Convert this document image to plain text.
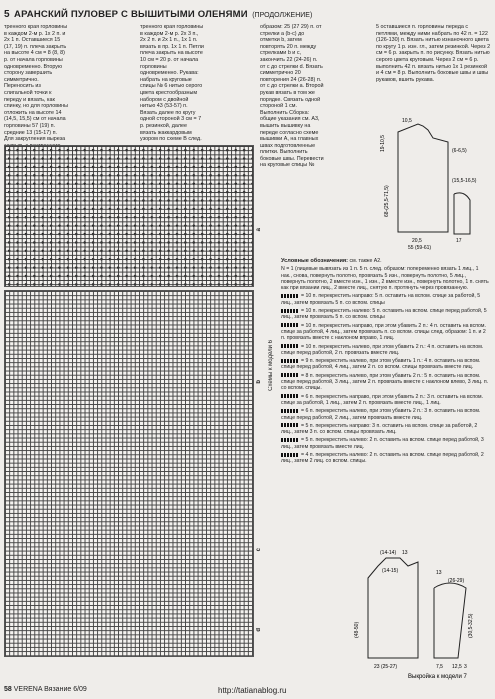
5 АРАНСКИЙ ПУЛОВЕР С ВЫШИТЫМИ ОЛЕНЯМИ (ПРОДОЛЖЕНИЕ)
тренного края горловины в каждом 2-м р. 1х 2 п. и 2х 1 п. Оставшиеся 15 (17, 19) п. плеча закрыть на высоте 4 см = 8 (8, 8) р. от начала горловины одновременно. Вторую сторону завершить симметрично. Переносить из слигальной точки к переду и вязать, как спинку, но для горловины отложить на высоте 14 (14,5, 15,5) см от начала горловины 57 (19) п. средние 13 (15-17) п. Для закругления выреза
тренного края горловины в каждом 2-м р. 2х 3 п., 2х 2 п. и 2х 1 п., 1х 1 п. вязать в пр. 1х 1 п. Петли плеча закрыть на высоте 10 см = 20 р. от начала горловины одновременно. Рукава: набрать на круговые спицы № 6 нитью серого цвета крестообразным набором с двойной нитью 43 (53-57) п. Вязать далее по кругу одной стороной 3 см = 7 р. резинкой, далее вязать жаккардовым узором по схеме В след.
образом: 25 (27 29) п. от стрелки а (b-c) до отметки b, затем повторять 20 п. между стрелками b и c, закончить 22 (24-26) п. от с до стрелки d. Вязать симметрично 20 повторения 24 (26-28) п. от с до стрелки а. Второй рукав вязать в том же порядке. Связать одной стороной 1 см. Выполнить Сборка: общие указания см. А3, вышить вышивку на переде согласно схеме вышивки А, на главных швах подготовленные плитки. Выполнить боковые швы. Перевести на круговые спицы №
5 оставшиеся п. горловины переда с петлями, между ними набрать по 42 п. = 122 (126-130) п. Вязать нитью изнаночного цвета по кругу 1 р. изн. гл., затем резинкой. Через 2 см = 6 р. закрыть п. по рисунку. Вязать нитью серого цвета круговым. Через 2 см = 6 р. выполнить 42 п. вязать нитью 1х 1 резинкой и 4 см = 8 р. Выполнить боковые швы и швы рукавов, вшить рукава.
a
b
c
d
Схемы к модели 6
10,5
19-10,5
68-(25,5-71,5)
20,5
55 (59-61)
(6-6,5)
(15,5-16,5)
17
Условные обозначения: см. также А2.
N = 1 (лицевые вывязать из 1 п. 5 п. след. образом: попеременно вязать 1 лиц., 1 нак., снова, повернуть полотно, провязать 5 изн., повернуть полотно, 5 лиц., повернуть полотно, 2 вместе изн., 1 изн., 2 вместе изн., повернуть полотно, 1 п. снять как при вязании лиц., 2 вместе лиц., снятую п. протянуть через провязанную.
= 10 п. перекрестить направо: 5 п. оставить на вспом. спице за работой, 5 лиц., затем провязать 5 п. со вспом. спицы
= 10 п. перекрестить налево: 5 п. оставить на вспом. спице перед работой, 5 лиц., затем провязать 5 п. со вспом. спицы
= 10 п. перекрестить направо, при этом убавить 2 п.: 4 п. оставить на вспом. спице за работой, 4 лиц., затем провязать п. со вспом. спицы след. образом: 1 п. и 2 п. провязать вместе с наклоном вправо, 1 лиц.
= 10 п. перекрестить налево, при этом убавить 2 п.: 4 п. оставить на вспом. спице перед работой, 2 п. провязать вместе лиц.
= 9 п. перекрестить налево, при этом убавить 1 п.: 4 п. оставить на вспом. спице перед работой, 4 лиц., затем 2 п. со вспом. спицы провязать вместе лиц.
= 8 п. перекрестить налево, при этом убавить 2 п.: 5 п. оставить на вспом. спице перед работой, 3 лиц., затем 2 п. провязать вместе с наклоном влево, 3 лиц. п. со вспом. спицы.
= 6 п. перекрестить направо, при этом убавить 2 п.: 3 п. оставить на вспом. спице за работой, 1 лиц., затем 2 п. провязать вместе лиц., 1 лиц.
= 6 п. перекрестить налево, при этом убавить 2 п.: 3 п. оставить на вспом. спице перед работой, 2 лиц., затем провязать вместе лиц.
= 5 п. перекрестить направо: 3 п. оставить на вспом. спице за работой, 2 лиц., затем 3 п. со вспом. спицы провязать лиц.
= 5 п. перекрестить налево: 2 п. оставить на вспом. спице перед работой, 3 лиц., затем провязать вместе лиц.
= 4 п. перекрестить налево: 2 п. оставить на вспом. спице перед работой, 2 лиц., затем 2 лиц. со вспом. спицы.
(14-14) 13
(14-15)	13
(26-29)
23 (25-27)	7,5 12,5 3
(48-50)	(30,5-32,5)
Выкройка к модели 7
58 VERENA Вязание 6/09	http://tatianablog.ru
